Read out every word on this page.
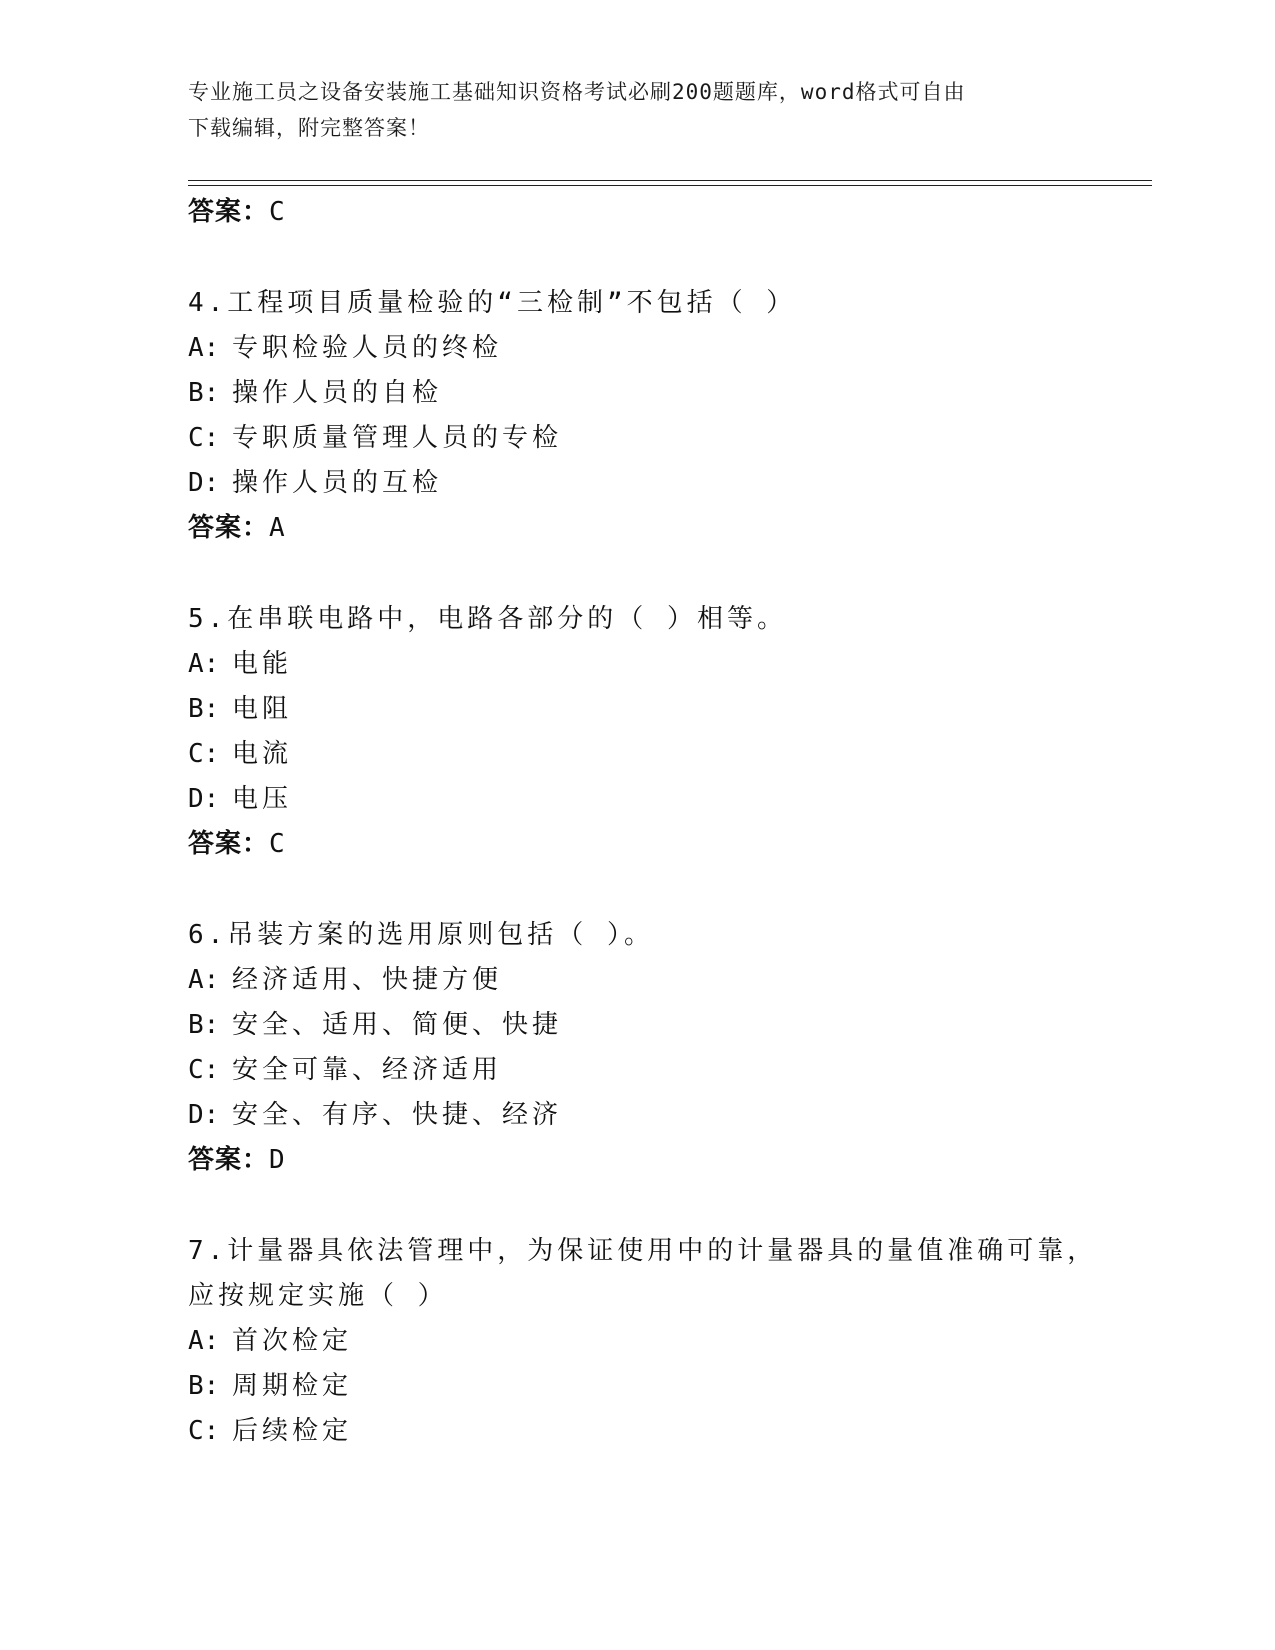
专业施工员之设备安装施工基础知识资格考试必刷200题题库，word格式可自由
下载编辑，附完整答案！
答案：C
4.工程项目质量检验的“三检制”不包括（ ）
A: 专职检验人员的终检
B: 操作人员的自检
C: 专职质量管理人员的专检
D: 操作人员的互检
答案：A
5.在串联电路中，电路各部分的（ ）相等。
A: 电能
B: 电阻
C: 电流
D: 电压
答案：C
6.吊装方案的选用原则包括（ ）。
A: 经济适用、快捷方便
B: 安全、适用、简便、快捷
C: 安全可靠、经济适用
D: 安全、有序、快捷、经济
答案：D
7.计量器具依法管理中，为保证使用中的计量器具的量值准确可靠，
应按规定实施（ ）
A: 首次检定
B: 周期检定
C: 后续检定
